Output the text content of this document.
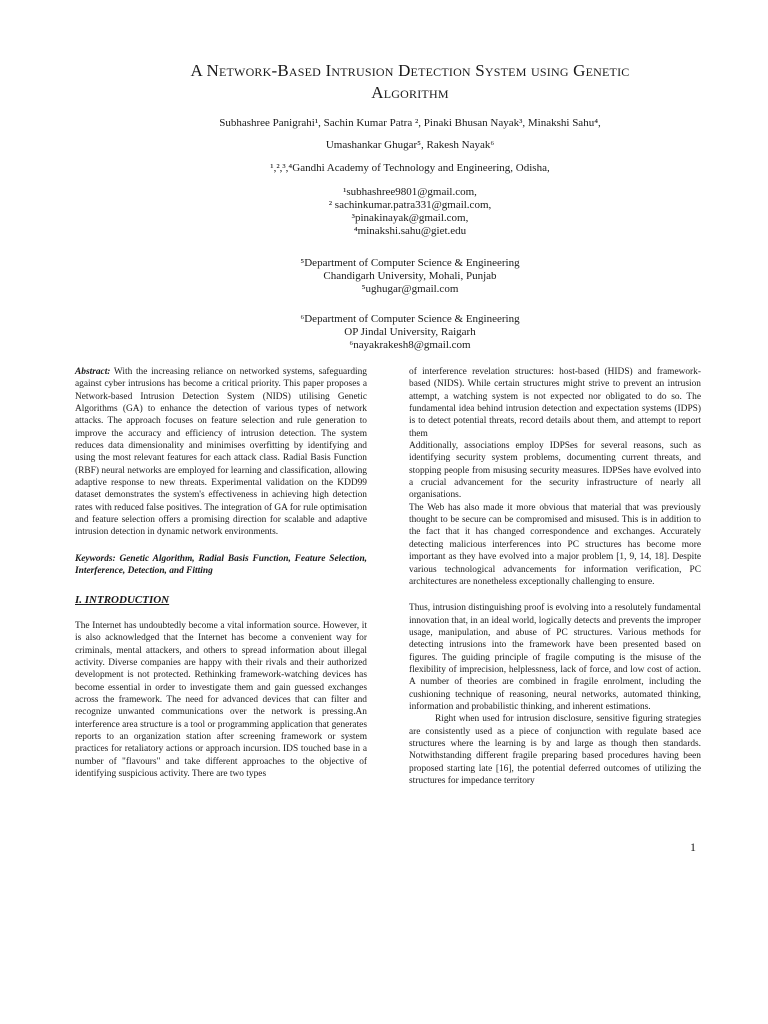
A Network-Based Intrusion Detection System using Genetic
Algorithm
Subhashree Panigrahi¹, Sachin Kumar Patra ², Pinaki Bhusan Nayak³, Minakshi Sahu⁴,
Umashankar Ghugar⁵, Rakesh Nayak⁶
¹,²,³,⁴Gandhi Academy of Technology and Engineering, Odisha,
¹subhashree9801@gmail.com,
² sachinkumar.patra331@gmail.com,
³pinakinayak@gmail.com,
⁴minakshi.sahu@giet.edu
⁵Department of Computer Science & Engineering
Chandigarh University, Mohali, Punjab
⁵ughugar@gmail.com
⁶Department of Computer Science & Engineering
OP Jindal University, Raigarh
⁶nayakrakesh8@gmail.com

Abstract: With the increasing reliance on networked systems, safeguarding against cyber intrusions has become a critical priority. This paper proposes a Network-based Intrusion Detection System (NIDS) utilising Genetic Algorithms (GA) to enhance the detection of various types of network attacks. The approach focuses on feature selection and rule generation to improve the accuracy and efficiency of intrusion detection. The system reduces data dimensionality and minimises overfitting by identifying and using the most relevant features for each attack class. Radial Basis Function (RBF) neural networks are employed for learning and classification, allowing adaptive response to new threats. Experimental validation on the KDD99 dataset demonstrates the system's effectiveness in achieving high detection rates with reduced false positives. The integration of GA for rule optimisation and feature selection offers a promising direction for scalable and adaptive intrusion detection in dynamic network environments.

Keywords: Genetic Algorithm, Radial Basis Function, Feature Selection, Interference, Detection, and Fitting

I. INTRODUCTION

The Internet has undoubtedly become a vital information source. However, it is also acknowledged that the Internet has become a convenient way for criminals, mental attackers, and others to spread information about illegal activity. Diverse companies are happy with their rivals and their authorized development is not protected. Rethinking framework-watching devices has become essential in order to investigate them and gain guessed exchanges across the framework. The need for advanced devices that can filter and recognize unwanted communications over the network is pressing.An interference area structure is a tool or programming application that generates reports to an organization station after screening framework or system practices for retaliatory actions or approach incursion. IDS touched base in a number of "flavours" and take different approaches to the objective of identifying suspicious activity. There are two types

of interference revelation structures: host-based (HIDS) and framework-based (NIDS). While certain structures might strive to prevent an intrusion attempt, a watching system is not expected nor obligated to do so. The fundamental idea behind intrusion detection and expectation systems (IDPS) is to detect potential threats, record details about them, and attempt to report them

Additionally, associations employ IDPSes for several reasons, such as identifying security system problems, documenting current threats, and stopping people from misusing security measures. IDPSes have evolved into a crucial advancement for the security infrastructure of nearly all organisations.

The Web has also made it more obvious that material that was previously thought to be secure can be compromised and misused. This is in addition to the fact that it has changed correspondence and exchanges. Accurately detecting malicious interferences into PC structures has become more important as they have evolved into a major problem [1, 9, 14, 18]. Despite various technological advancements for information verification, PC architectures are nonetheless exceptionally challenging to ensure.

Thus, intrusion distinguishing proof is evolving into a resolutely fundamental innovation that, in an ideal world, logically detects and prevents the improper usage, manipulation, and abuse of PC structures. Various methods for detecting intrusions into the framework have been presented based on figures. The guiding principle of fragile computing is the misuse of the flexibility of imprecision, helplessness, lack of force, and low cost of action. A number of theories are combined in fragile enrolment, including the cushioning technique of reasoning, neural networks, automated thinking, information and probabilistic thinking, and inherent estimations.

Right when used for intrusion disclosure, sensitive figuring strategies are consistently used as a piece of conjunction with regulate based ace structures where the learning is by and large as though then standards. Notwithstanding different fragile preparing based procedures having been proposed starting late [16], the potential deferred outcomes of utilizing the structures for impedance territory

1
